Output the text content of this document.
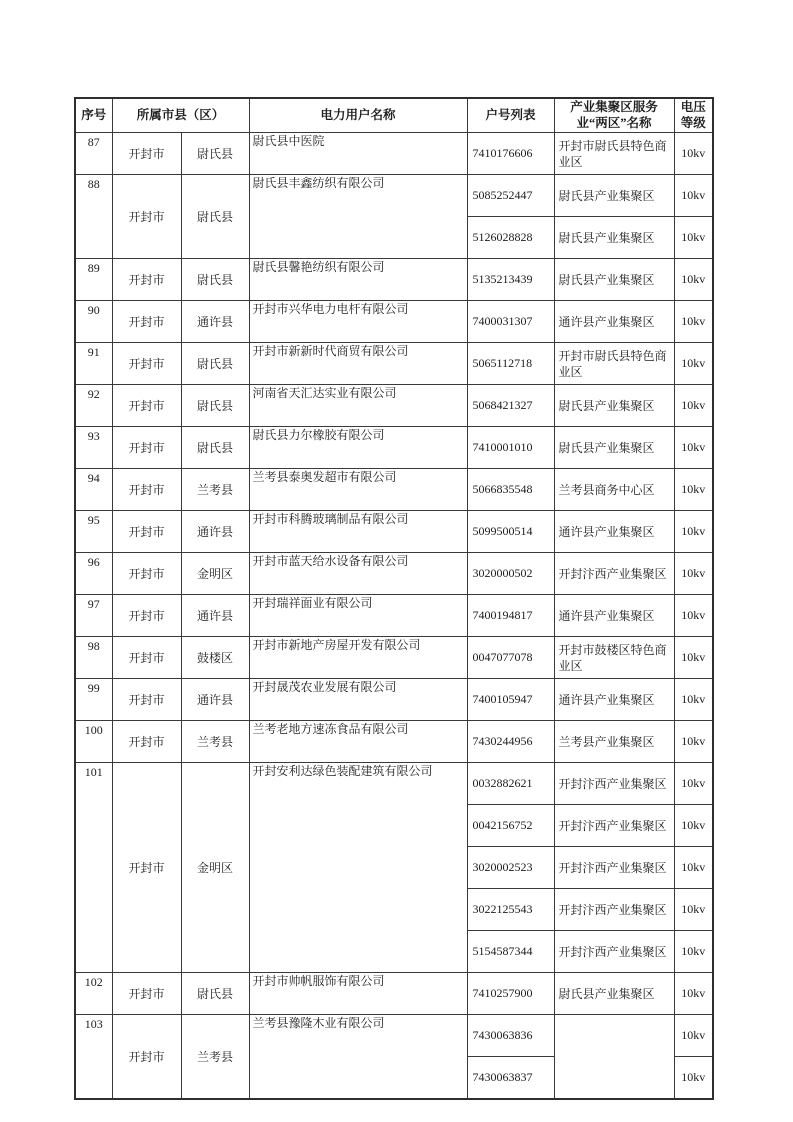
序号	所属市县（区）		电力用户名称	户号列表	产业集聚区服务业“两区”名称	电压等级
87	开封市	尉氏县	尉氏县中医院	7410176606	开封市尉氏县特色商业区	10kv
88	开封市	尉氏县	尉氏县丰鑫纺织有限公司	5085252447	尉氏县产业集聚区	10kv
				5126028828	尉氏县产业集聚区	10kv
89	开封市	尉氏县	尉氏县馨艳纺织有限公司	5135213439	尉氏县产业集聚区	10kv
90	开封市	通许县	开封市兴华电力电杆有限公司	7400031307	通许县产业集聚区	10kv
91	开封市	尉氏县	开封市新新时代商贸有限公司	5065112718	开封市尉氏县特色商业区	10kv
92	开封市	尉氏县	河南省天汇达实业有限公司	5068421327	尉氏县产业集聚区	10kv
93	开封市	尉氏县	尉氏县力尔橡胶有限公司	7410001010	尉氏县产业集聚区	10kv
94	开封市	兰考县	兰考县泰奥发超市有限公司	5066835548	兰考县商务中心区	10kv
95	开封市	通许县	开封市科腾玻璃制品有限公司	5099500514	通许县产业集聚区	10kv
96	开封市	金明区	开封市蓝天给水设备有限公司	3020000502	开封汴西产业集聚区	10kv
97	开封市	通许县	开封瑞祥面业有限公司	7400194817	通许县产业集聚区	10kv
98	开封市	鼓楼区	开封市新地产房屋开发有限公司	0047077078	开封市鼓楼区特色商业区	10kv
99	开封市	通许县	开封晟茂农业发展有限公司	7400105947	通许县产业集聚区	10kv
100	开封市	兰考县	兰考老地方速冻食品有限公司	7430244956	兰考县产业集聚区	10kv
101	开封市	金明区	开封安利达绿色装配建筑有限公司	0032882621	开封汴西产业集聚区	10kv
				0042156752	开封汴西产业集聚区	10kv
				3020002523	开封汴西产业集聚区	10kv
				3022125543	开封汴西产业集聚区	10kv
				5154587344	开封汴西产业集聚区	10kv
102	开封市	尉氏县	开封市帅帆服饰有限公司	7410257900	尉氏县产业集聚区	10kv
103	开封市	兰考县	兰考县豫隆木业有限公司	7430063836		10kv
				7430063837		10kv
